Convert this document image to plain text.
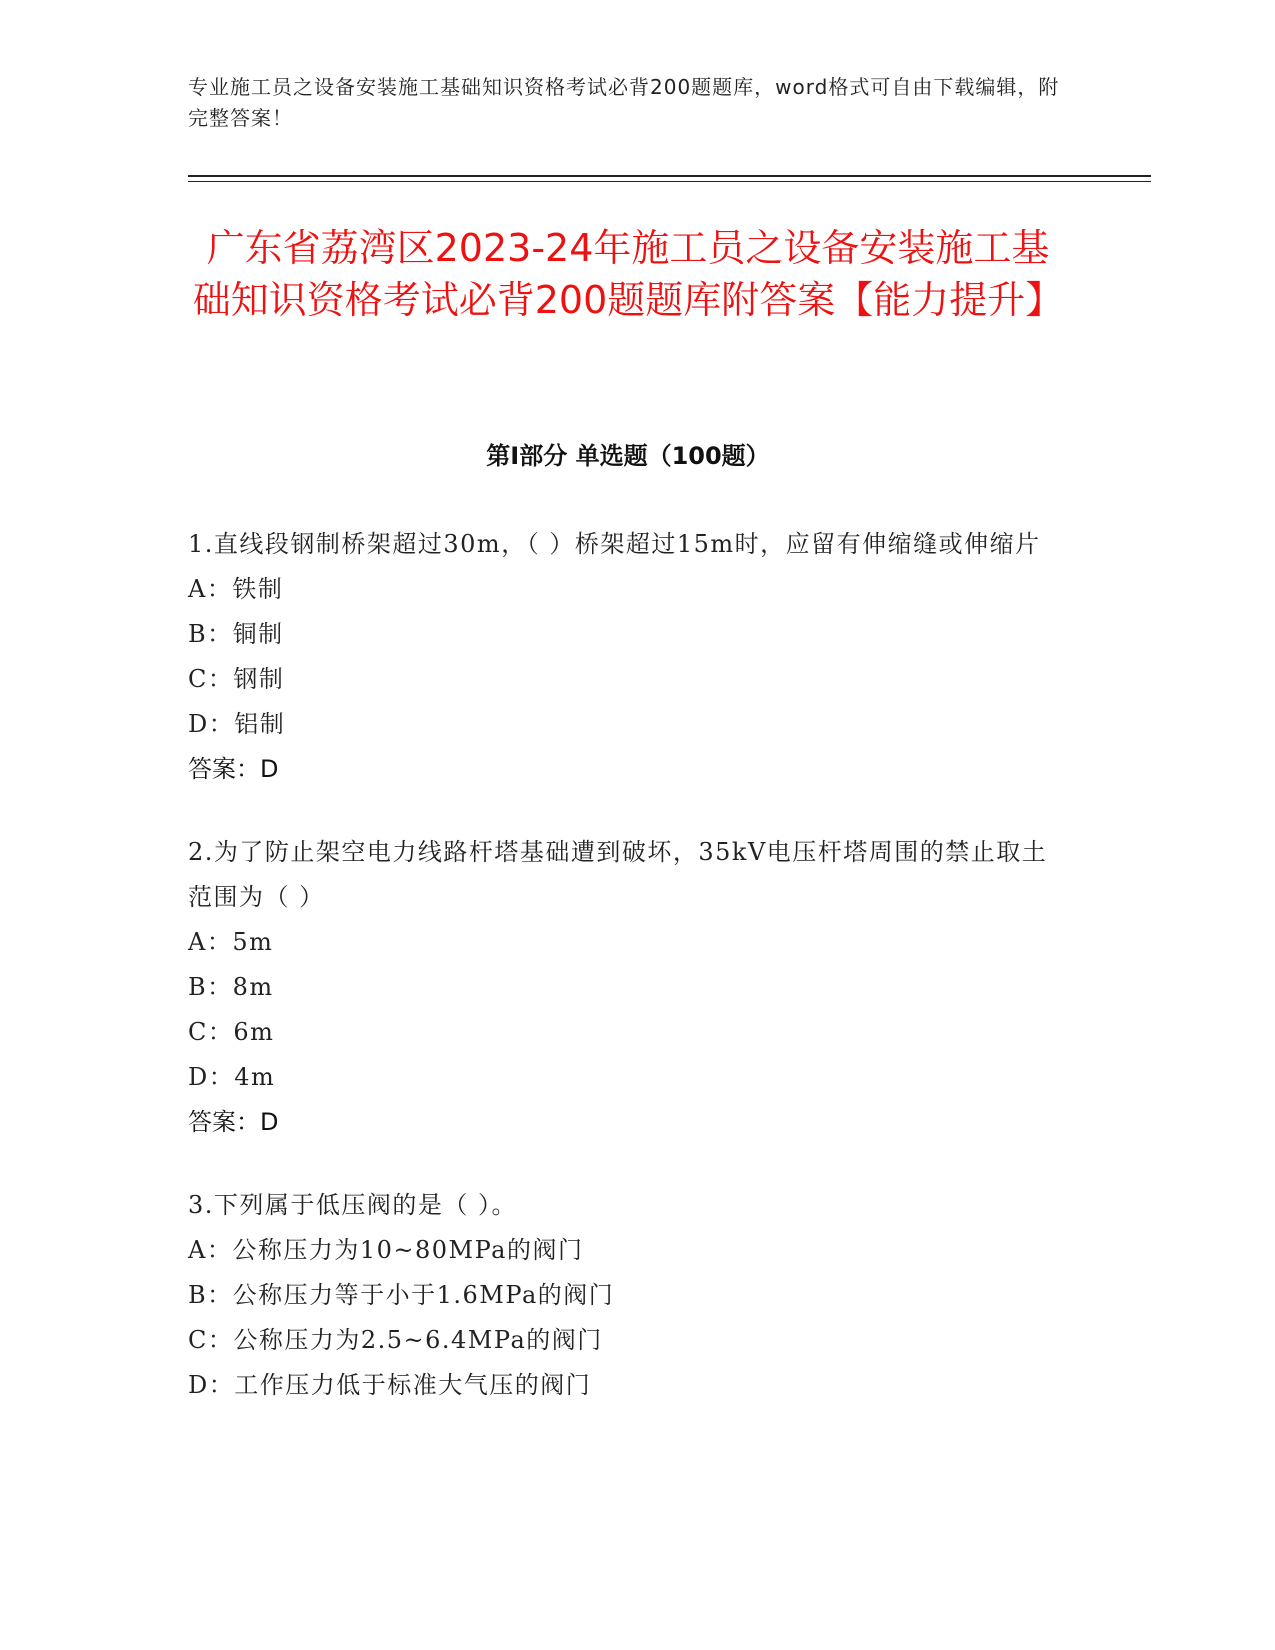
专业施工员之设备安装施工基础知识资格考试必背200题题库，word格式可自由下载编辑，附完整答案！
广东省荔湾区2023-24年施工员之设备安装施工基础知识资格考试必背200题题库附答案【能力提升】
第Ⅰ部分 单选题（100题）
1.直线段钢制桥架超过30m，（ ）桥架超过15m时，应留有伸缩缝或伸缩片
A：铁制
B：铜制
C：钢制
D：铝制
答案：D
2.为了防止架空电力线路杆塔基础遭到破坏，35kV电压杆塔周围的禁止取土范围为（ ）
A：5m
B：8m
C：6m
D：4m
答案：D
3.下列属于低压阀的是（ ）。
A：公称压力为10~80MPa的阀门
B：公称压力等于小于1.6MPa的阀门
C：公称压力为2.5~6.4MPa的阀门
D：工作压力低于标准大气压的阀门
